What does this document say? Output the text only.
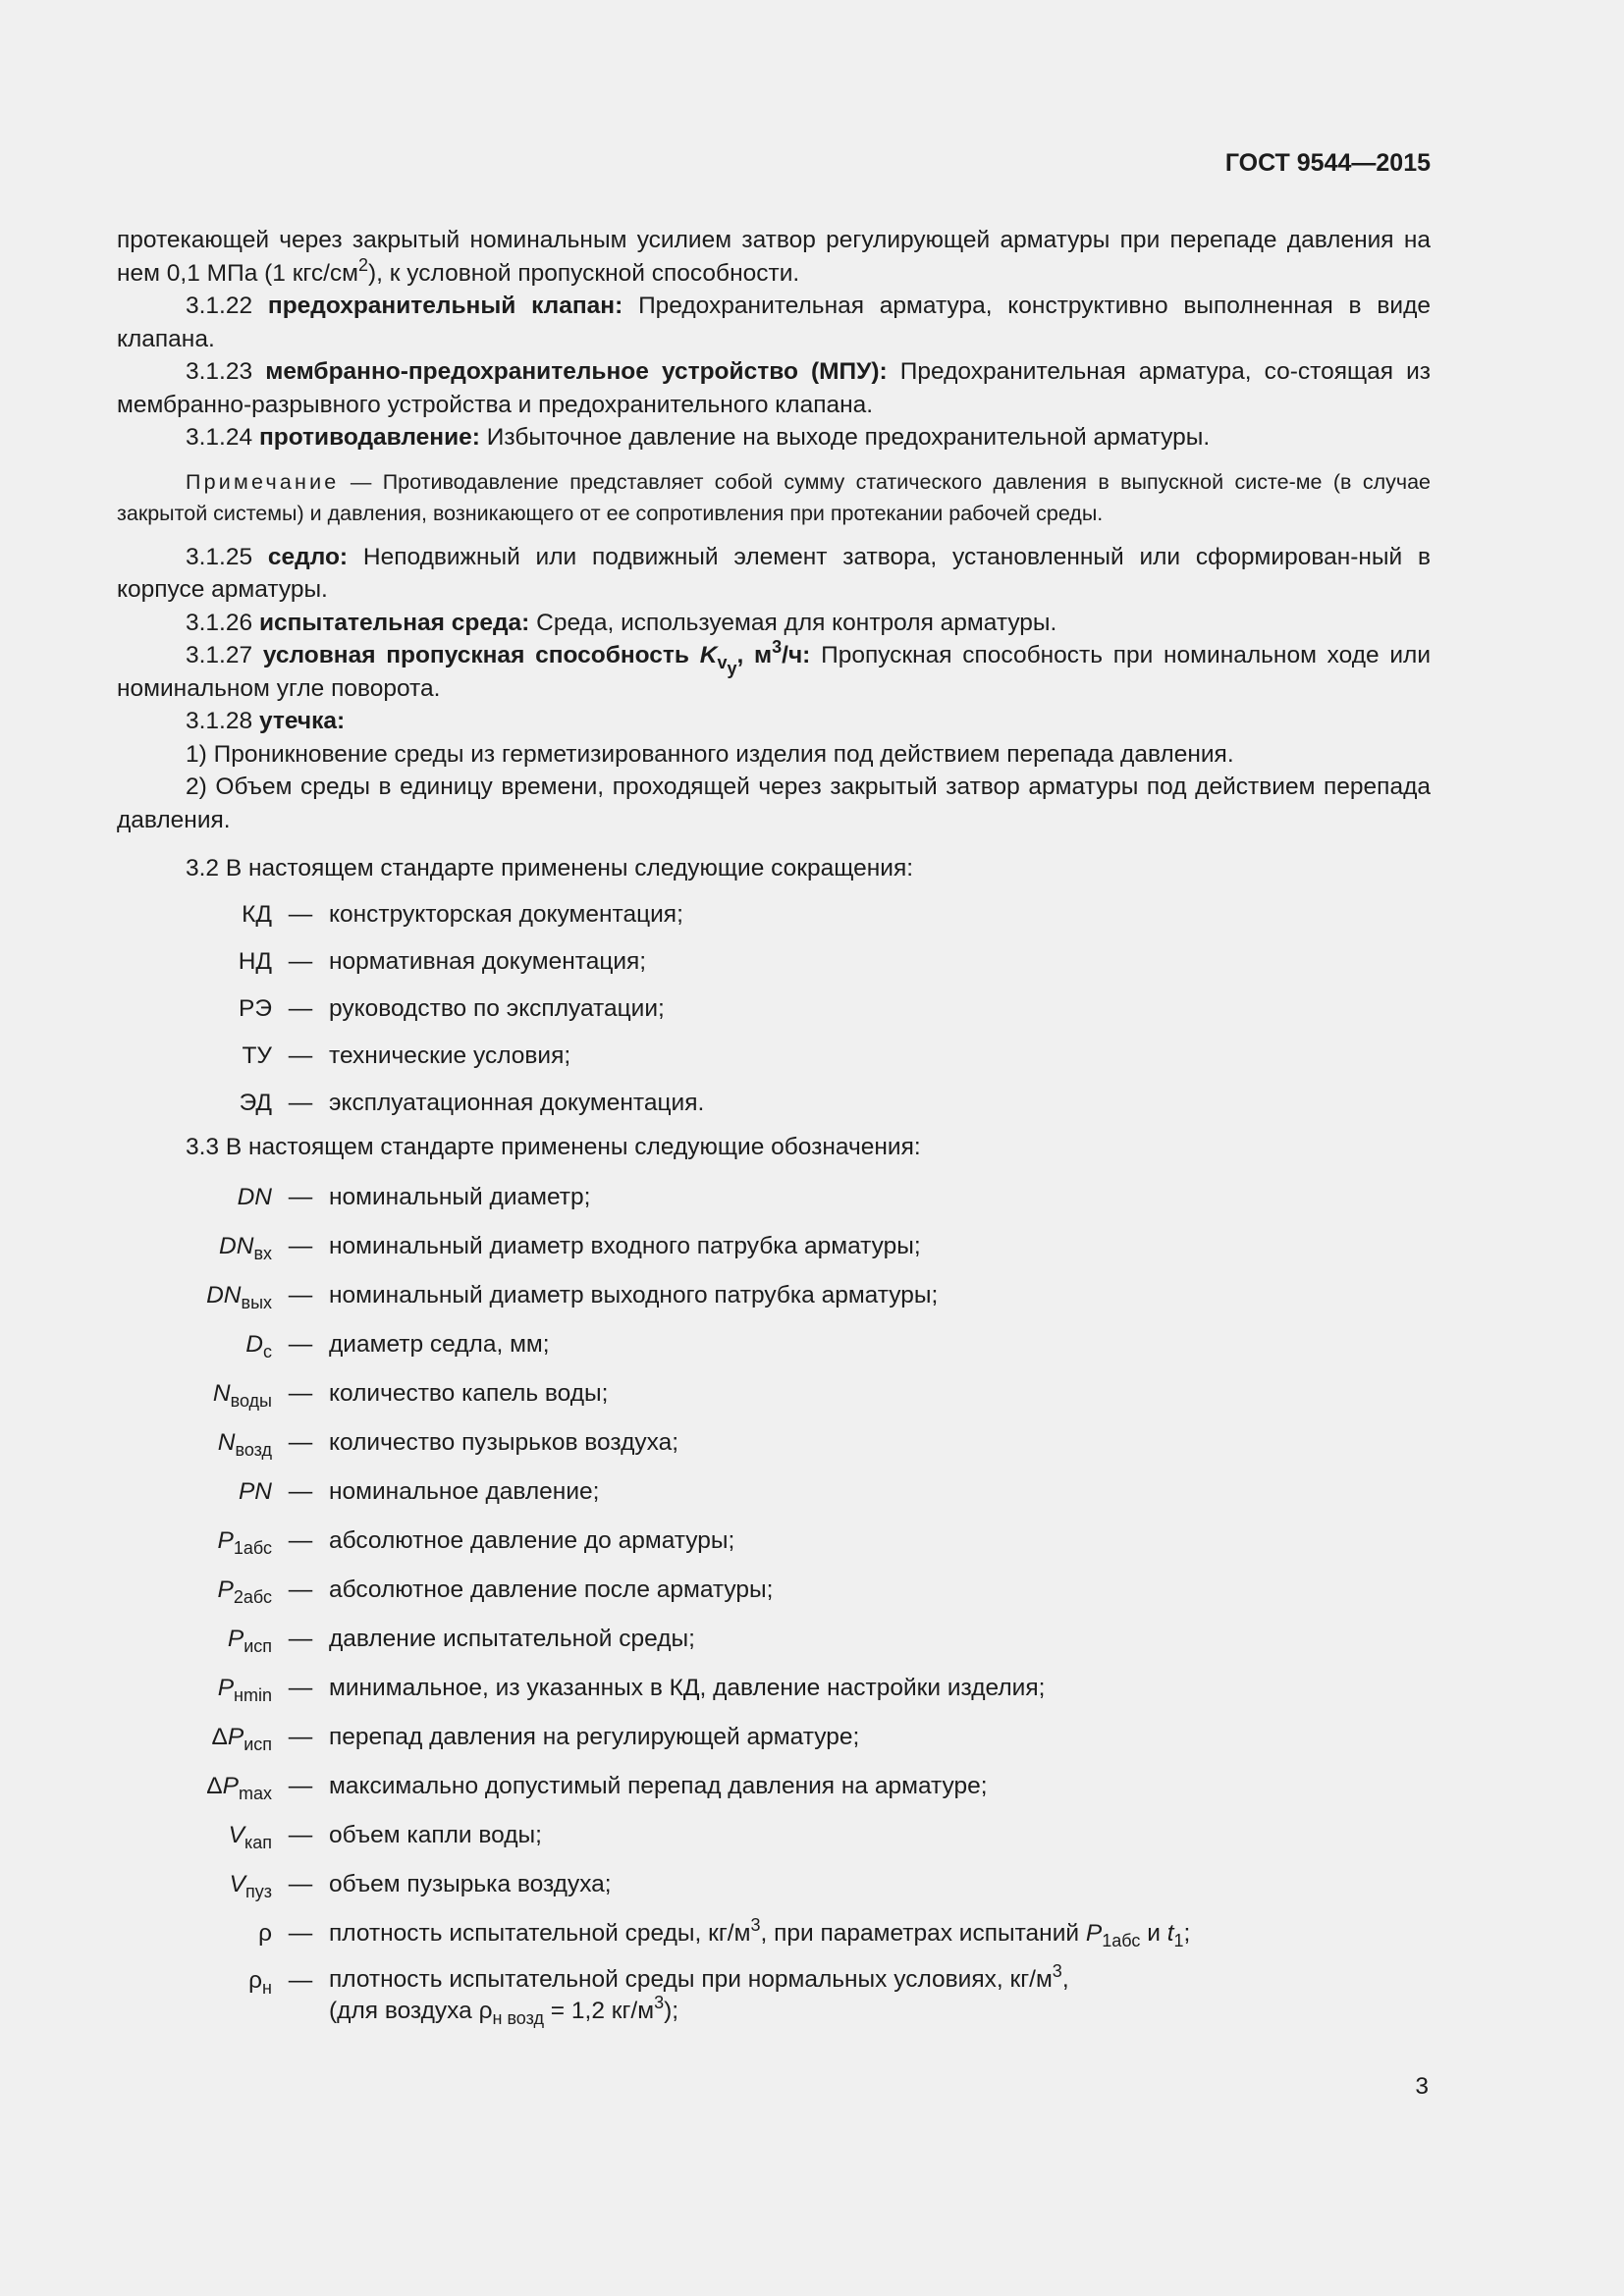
ГОСТ 9544—2015

протекающей через закрытый номинальным усилием затвор регулирующей арматуры при перепаде давления на нем 0,1 МПа (1 кгс/$см^2$), к условной пропускной способности.

3.1.22 предохранительный клапан: Предохранительная арматура, конструктивно выполненная в виде клапана.

3.1.23 мембранно-предохранительное устройство (МПУ): Предохранительная арматура, со-стоящая из мембранно-разрывного устройства и предохранительного клапана.

3.1.24 противодавление: Избыточное давление на выходе предохранительной арматуры.

Примечание — Противодавление представляет собой сумму статического давления в выпускной систе-ме (в случае закрытой системы) и давления, возникающего от ее сопротивления при протекании рабочей среды.

3.1.25 седло: Неподвижный или подвижный элемент затвора, установленный или сформирован-ный в корпусе арматуры.

3.1.26 испытательная среда: Среда, используемая для контроля арматуры.

3.1.27 условная пропускная способность $K_{v_y}$, $м^3/ч$: Пропускная способность при номинальном ходе или номинальном угле поворота.

3.1.28 утечка:

1) Проникновение среды из герметизированного изделия под действием перепада давления.

2) Объем среды в единицу времени, проходящей через закрытый затвор арматуры под действием перепада давления.

3.2 В настоящем стандарте применены следующие сокращения:

КД — конструкторская документация;
НД — нормативная документация;
РЭ — руководство по эксплуатации;
ТУ — технические условия;
ЭД — эксплуатационная документация.

3.3 В настоящем стандарте применены следующие обозначения:

DN — номинальный диаметр;
$DN_{вх}$ — номинальный диаметр входного патрубка арматуры;
$DN_{вых}$ — номинальный диаметр выходного патрубка арматуры;
$D_с$ — диаметр седла, мм;
$N_{воды}$ — количество капель воды;
$N_{возд}$ — количество пузырьков воздуха;
PN — номинальное давление;
$P_{1абс}$ — абсолютное давление до арматуры;
$P_{2абс}$ — абсолютное давление после арматуры;
$P_{исп}$ — давление испытательной среды;
$P_{нmin}$ — минимальное, из указанных в КД, давление настройки изделия;
$\Delta P_{исп}$ — перепад давления на регулирующей арматуре;
$\Delta P_{max}$ — максимально допустимый перепад давления на арматуре;
$V_{кап}$ — объем капли воды;
$V_{пуз}$ — объем пузырька воздуха;
ρ — плотность испытательной среды, $кг/м^3$, при параметрах испытаний $P_{1абс}$ и $t_1$;
$\rho_н$ — плотность испытательной среды при нормальных условиях, $кг/м^3$,
(для воздуха $\rho_{н возд} = 1,2$ $кг/м^3$);
3
